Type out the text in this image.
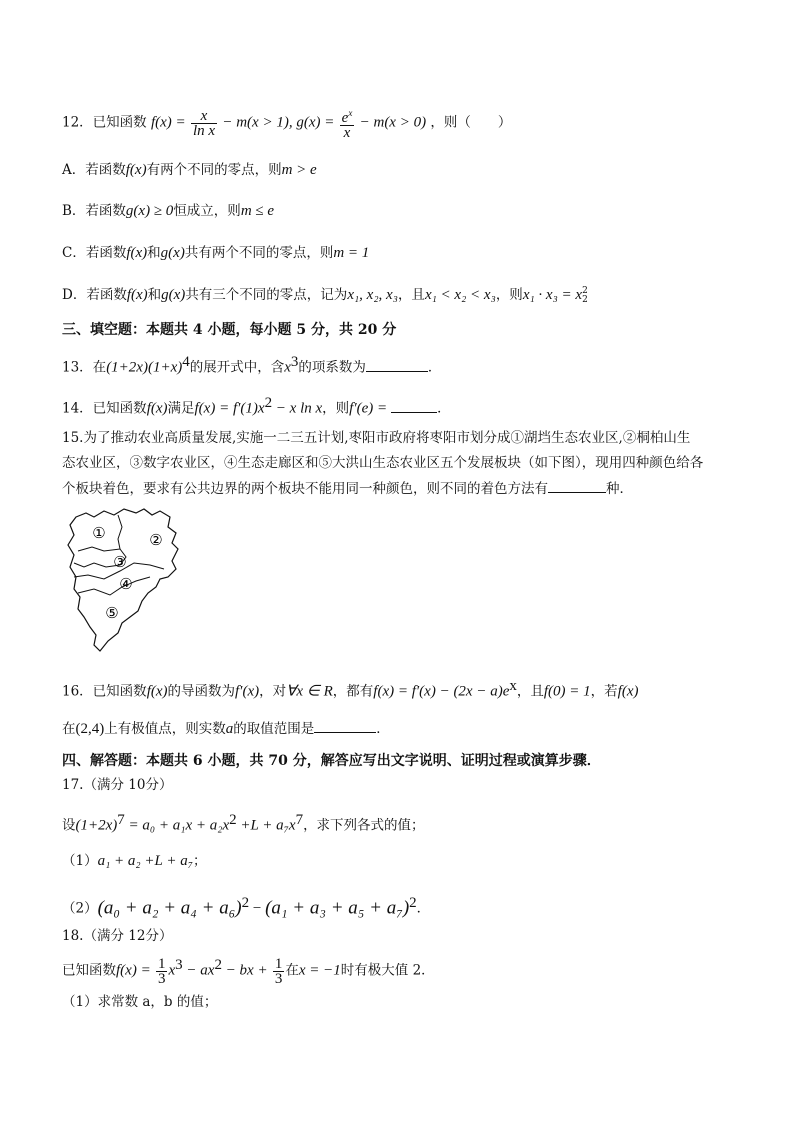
12．已知函数 $f(x) = \frac{x}{\text{ln x}} - m(x > 1)$, $g(x) = \frac{e^x}{x} - m(x > 0)$ ，则（　　）
A．若函数f(x)有两个不同的零点，则m > e
B．若函数g(x) ≥ 0恒成立，则m ≤ e
C．若函数f(x)和g(x)共有两个不同的零点，则m = 1
D．若函数f(x)和g(x)共有三个不同的零点，记为x₁, x₂, x₃，且x₁ < x₂ < x₃，则x₁ · x₃ = x 2
2
三、填空题：本题共 4 小题，每小题 5 分，共 20 分
13．在$(1+2x)(1+x)^4$的展开式中，含$x^3$的项系数为	．
14．已知函数f(x)满足$f(x) = f'(1)x^2 - x$ ln x，则f′(e) =	．
15.为了推动农业高质量发展,实施一二三五计划,枣阳市政府将枣阳市划分成①湖垱生态农业区,②桐柏山生
态农业区，③数字农业区，④生态走廊区和⑤大洪山生态农业区五个发展板块（如下图），现用四种颜色给各
个板块着色，要求有公共边界的两个板块不能用同一种颜色，则不同的着色方法有	种．
①	②
③
④
⑤
16．已知函数f(x)的导函数为f′(x)，对∀x ∈ R，都有$f(x) = f'(x) - (2x - a)e^x$，且f(0) = 1，若f(x)
在(2,4)上有极值点，则实数a的取值范围是	．
四、解答题：本题共 6 小题，共 70 分，解答应写出文字说明、证明过程或演算步骤．
17.（满分 10分）
设$(1+2x)^7 = a_0 + a_1x + a_2x^2 +L + a_7x^7$，求下列各式的值；
（1）a₁ + a₂ +L + a₇；
$(2)(a_0 + a_2 + a_4 + a_6)^2 - (a_1 + a_3 + a_5 + a_7)^2$．
18.（满分 12分）
已知函数$f(x) = \frac{1}{3} x^3 - ax^2$ − bx + $\frac{1}{3}$ 在x = −1时有极大值 2．
（1）求常数 a，b 的值；
